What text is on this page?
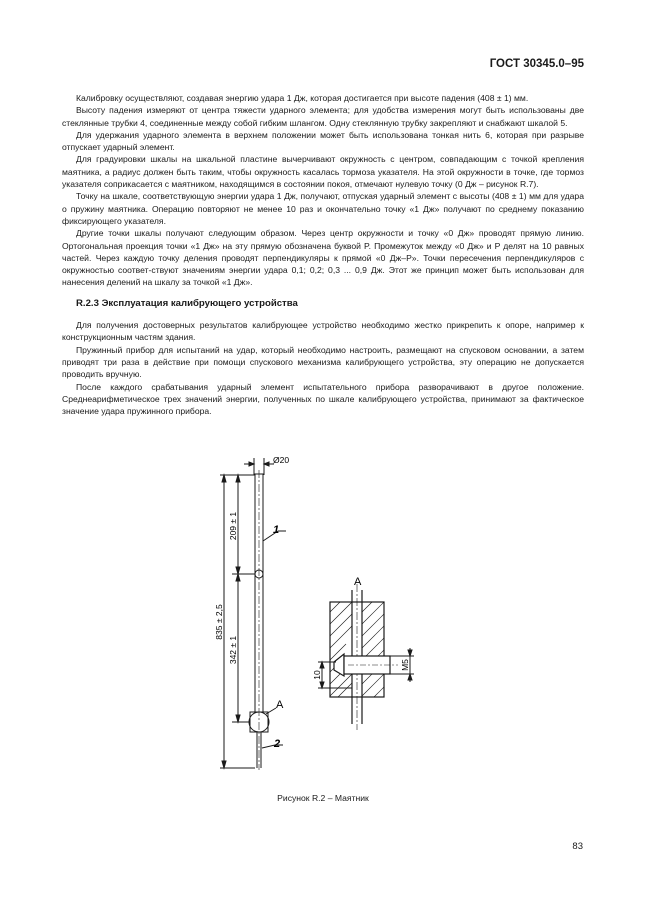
ГОСТ 30345.0–95

Калибровку осуществляют, создавая энергию удара 1 Дж, которая достигается при высоте падения (408 ± 1) мм.

Высоту падения измеряют от центра тяжести ударного элемента; для удобства измерения могут быть использованы две стеклянные трубки 4, соединенные между собой гибким шлангом. Одну стеклянную трубку закрепляют и снабжают шкалой 5.

Для удержания ударного элемента в верхнем положении может быть использована тонкая нить 6, которая при разрыве отпускает ударный элемент.

Для градуировки шкалы на шкальной пластине вычерчивают окружность с центром, совпадающим с точкой крепления маятника, а радиус должен быть таким, чтобы окружность касалась тормоза указателя. На этой окружности в точке, где тормоз указателя соприкасается с маятником, находящимся в состоянии покоя, отмечают нулевую точку (0 Дж – рисунок R.7).

Точку на шкале, соответствующую энергии удара 1 Дж, получают, отпуская ударный элемент с высоты (408 ± 1) мм для удара о пружину маятника. Операцию повторяют не менее 10 раз и окончательно точку «1 Дж» получают по среднему показанию фиксирующего указателя.

Другие точки шкалы получают следующим образом. Через центр окружности и точку «0 Дж» проводят прямую линию. Ортогональная проекция точки «1 Дж» на эту прямую обозначена буквой P. Промежуток между «0 Дж» и P делят на 10 равных частей. Через каждую точку деления проводят перпендикуляры к прямой «0 Дж–P». Точки пересечения перпендикуляров с окружностью соответ-ствуют значениям энергии удара 0,1; 0,2; 0,3 ... 0,9 Дж. Этот же принцип может быть использован для нанесения делений на шкалу за точкой «1 Дж».

R.2.3 Эксплуатация калибрующего устройства

Для получения достоверных результатов калибрующее устройство необходимо жестко прикрепить к опоре, например к конструкционным частям здания.

Пружинный прибор для испытаний на удар, который необходимо настроить, размещают на спусковом основании, а затем приводят три раза в действие при помощи спускового механизма калибрующего устройства, эту операцию не допускается проводить вручную.

После каждого срабатывания ударный элемент испытательного прибора разворачивают в другое положение. Среднеарифметическое трех значений энергии, полученных по шкале калибрующего устройства, принимают за фактическое значение удара пружинного прибора.

Ø20
209 ± 1
835 ± 2,5
342 ± 1
1
2
A
A
M5
10
Рисунок R.2 – Маятник
83
